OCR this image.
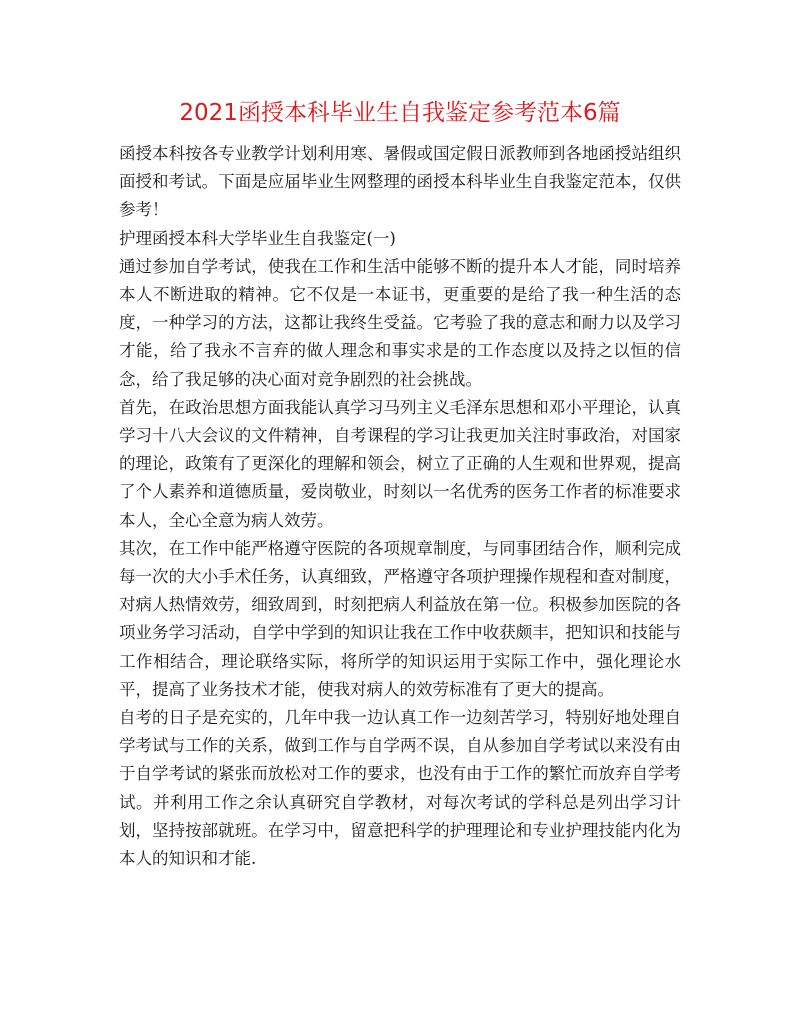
2021函授本科毕业生自我鉴定参考范本6篇

函授本科按各专业教学计划利用寒、暑假或国定假日派教师到各地函授站组织面授和考试。下面是应届毕业生网整理的函授本科毕业生自我鉴定范本，仅供参考！

护理函授本科大学毕业生自我鉴定(一)

通过参加自学考试，使我在工作和生活中能够不断的提升本人才能，同时培养本人不断进取的精神。它不仅是一本证书，更重要的是给了我一种生活的态度，一种学习的方法，这都让我终生受益。它考验了我的意志和耐力以及学习才能，给了我永不言弃的做人理念和事实求是的工作态度以及持之以恒的信念，给了我足够的决心面对竞争剧烈的社会挑战。

首先，在政治思想方面我能认真学习马列主义毛泽东思想和邓小平理论，认真学习十八大会议的文件精神，自考课程的学习让我更加关注时事政治，对国家的理论，政策有了更深化的理解和领会，树立了正确的人生观和世界观，提高了个人素养和道德质量，爱岗敬业，时刻以一名优秀的医务工作者的标准要求本人，全心全意为病人效劳。

其次，在工作中能严格遵守医院的各项规章制度，与同事团结合作，顺利完成每一次的大小手术任务，认真细致，严格遵守各项护理操作规程和查对制度，对病人热情效劳，细致周到，时刻把病人利益放在第一位。积极参加医院的各项业务学习活动，自学中学到的知识让我在工作中收获颇丰，把知识和技能与工作相结合，理论联络实际，将所学的知识运用于实际工作中，强化理论水平，提高了业务技术才能，使我对病人的效劳标准有了更大的提高。

自考的日子是充实的，几年中我一边认真工作一边刻苦学习，特别好地处理自学考试与工作的关系，做到工作与自学两不误，自从参加自学考试以来没有由于自学考试的紧张而放松对工作的要求，也没有由于工作的繁忙而放弃自学考试。并利用工作之余认真研究自学教材，对每次考试的学科总是列出学习计划，坚持按部就班。在学习中，留意把科学的护理理论和专业护理技能内化为本人的知识和才能.
